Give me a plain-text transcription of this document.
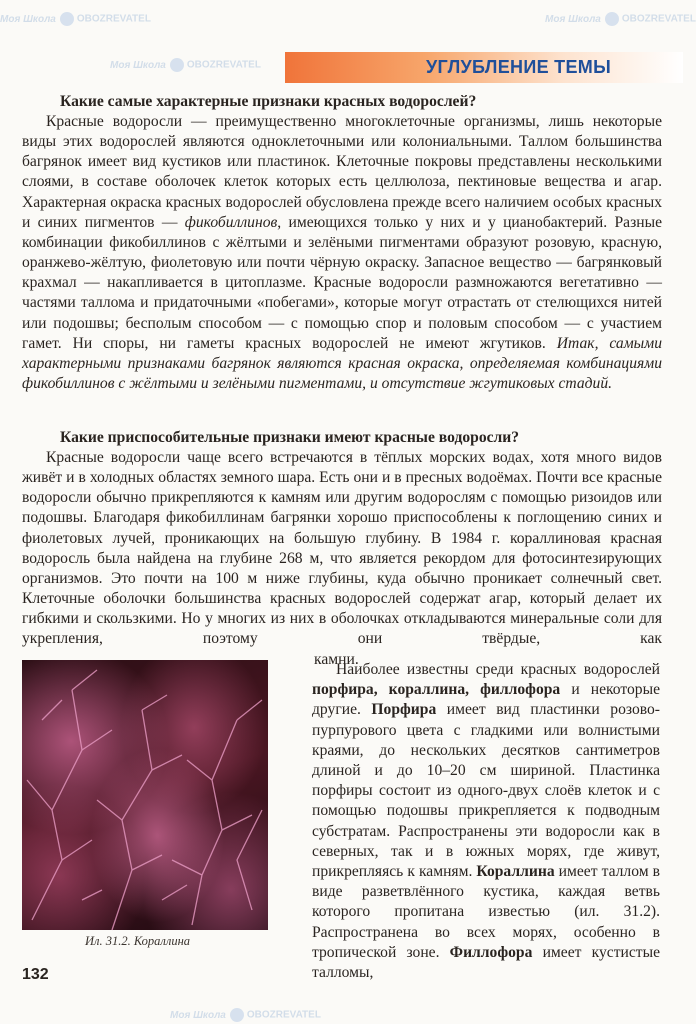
Моя Школа OBOZREVATEL	Моя Школа OBOZREVATEL
Моя Школа OBOZREVATEL
Моя Школа OBOZREVATEL
УГЛУБЛЕНИЕ ТЕМЫ
Какие самые характерные признаки красных водорослей?

Красные водоросли — преимущественно многоклеточные организмы, лишь некоторые виды этих водорослей являются одноклеточными или колониальными. Таллом большинства багрянок имеет вид кустиков или пластинок. Клеточные покровы представлены несколькими слоями, в составе оболочек клеток которых есть целлюлоза, пектиновые вещества и агар. Характерная окраска красных водорослей обусловлена прежде всего наличием особых красных и синих пигментов — фикобиллинов, имеющихся только у них и у цианобактерий. Разные комбинации фикобиллинов с жёлтыми и зелёными пигментами образуют розовую, красную, оранжево-жёлтую, фиолетовую или почти чёрную окраску. Запасное вещество — багрянковый крахмал — накапливается в цитоплазме. Красные водоросли размножаются вегетативно — частями таллома и придаточными «побегами», которые могут отрастать от стелющихся нитей или подошвы; бесполым способом — с помощью спор и половым способом — с участием гамет. Ни споры, ни гаметы красных водорослей не имеют жгутиков. Итак, самыми характерными признаками багрянок являются красная окраска, определяемая комбинациями фикобиллинов с жёлтыми и зелёными пигментами, и отсутствие жгутиковых стадий.

Какие приспособительные признаки имеют красные водоросли?

Красные водоросли чаще всего встречаются в тёплых морских водах, хотя много видов живёт и в холодных областях земного шара. Есть они и в пресных водоёмах. Почти все красные водоросли обычно прикрепляются к камням или другим водорослям с помощью ризоидов или подошвы. Благодаря фикобиллинам багрянки хорошо приспособлены к поглощению синих и фиолетовых лучей, проникающих на большую глубину. В 1984 г. кораллиновая красная водоросль была найдена на глубине 268 м, что является рекордом для фотосинтезирующих организмов. Это почти на 100 м ниже глубины, куда обычно проникает солнечный свет. Клеточные оболочки большинства красных водорослей содержат агар, который делает их гибкими и скользкими. Но у многих из них в оболочках откладываются минеральные соли для укрепления, поэтому они твёрдые, как

камни.
Ил. 31.2. Кораллина

Наиболее известны среди красных водорослей порфира, кораллина, филлофора и некоторые другие. Порфира имеет вид пластинки розово-пурпурового цвета с гладкими или волнистыми краями, до нескольких десятков сантиметров длиной и до 10–20 см шириной. Пластинка порфиры состоит из одного-двух слоёв клеток и с помощью подошвы прикрепляется к подводным субстратам. Распространены эти водоросли как в северных, так и в южных морях, где живут, прикрепляясь к камням. Кораллина имеет таллом в виде разветвлённого кустика, каждая ветвь которого пропитана известью (ил. 31.2). Распространена во всех морях, особенно в тропической зоне. Филлофора имеет кустистые талломы,

132
